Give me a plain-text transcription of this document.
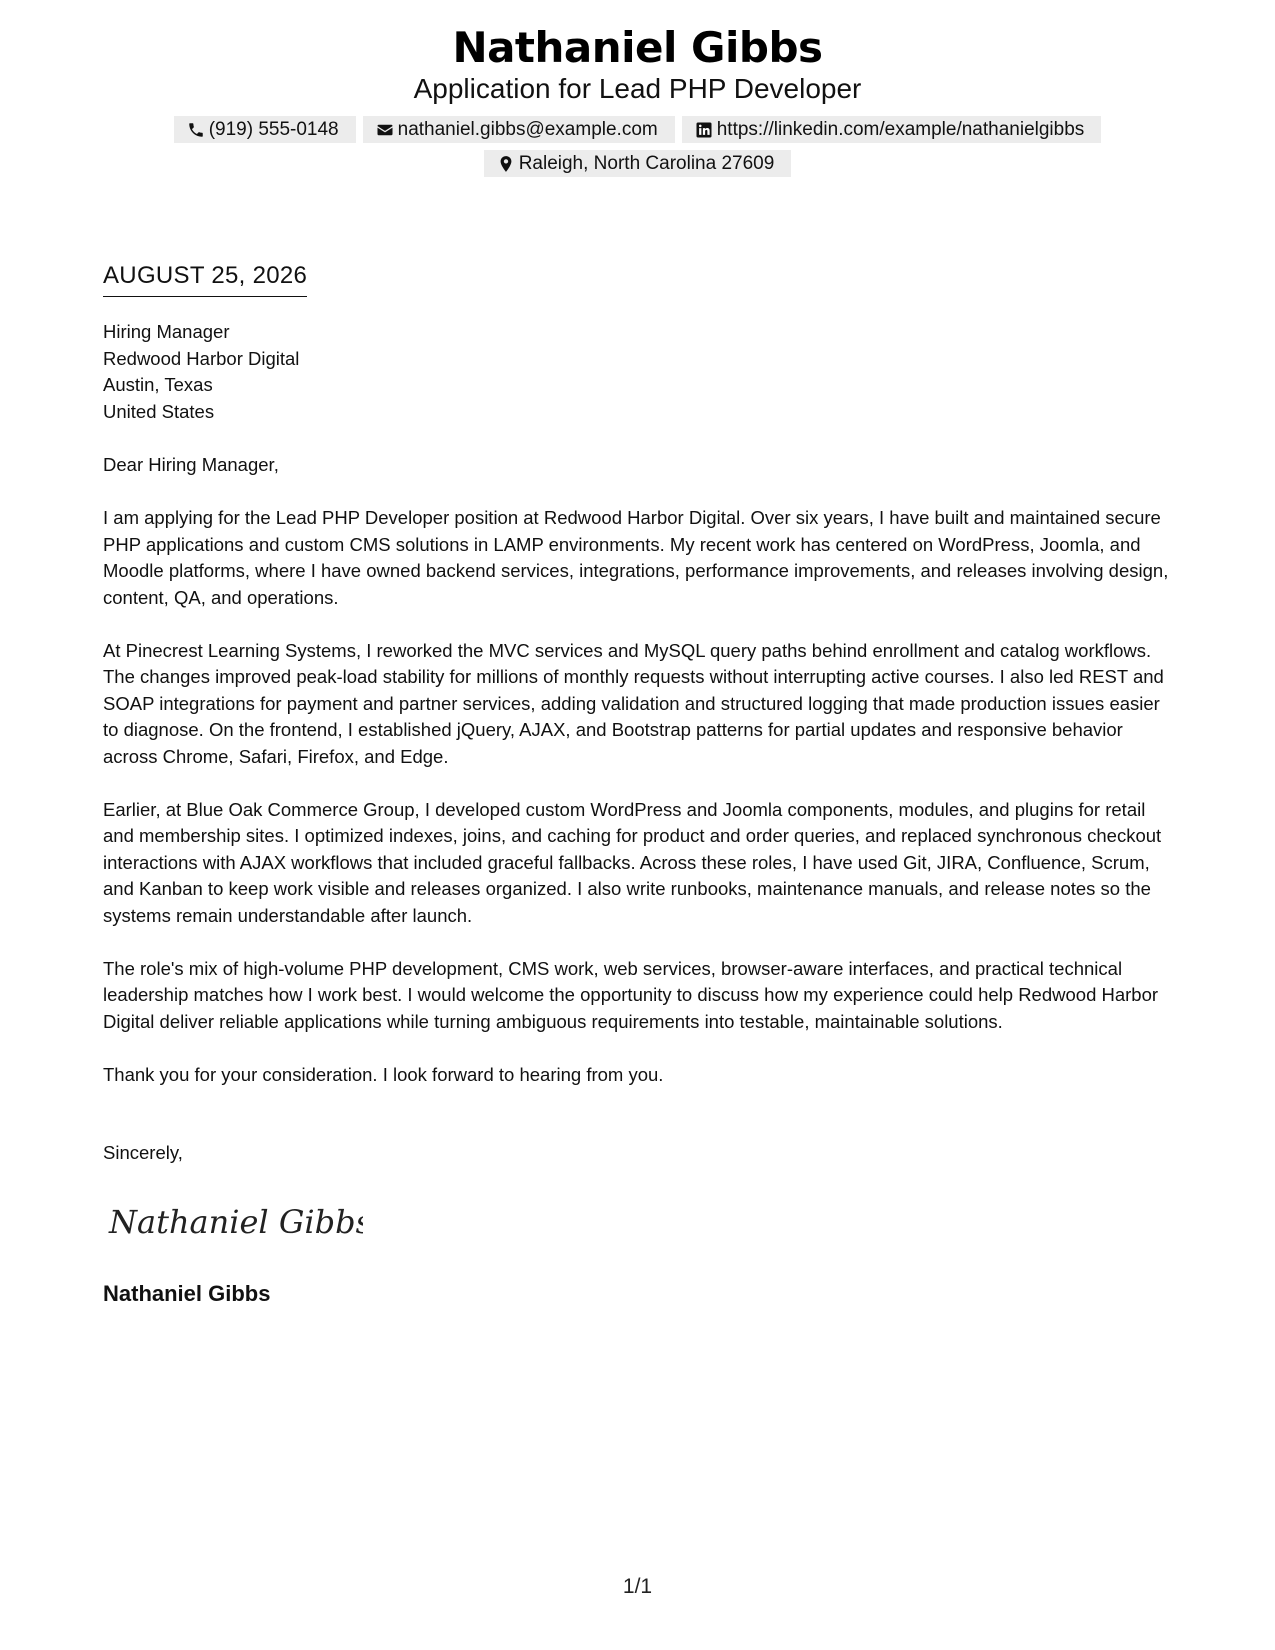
Nathaniel Gibbs
Application for Lead PHP Developer
(919) 555-0148	nathaniel.gibbs@example.com	https://linkedin.com/example/nathanielgibbs
Raleigh, North Carolina 27609
AUGUST 25, 2026
Hiring Manager
Redwood Harbor Digital
Austin, Texas
United States
Dear Hiring Manager,

I am applying for the Lead PHP Developer position at Redwood Harbor Digital. Over six years, I have built and maintained secure PHP applications and custom CMS solutions in LAMP environments. My recent work has centered on WordPress, Joomla, and Moodle platforms, where I have owned backend services, integrations, performance improvements, and releases involving design, content, QA, and operations.

At Pinecrest Learning Systems, I reworked the MVC services and MySQL query paths behind enrollment and catalog workflows. The changes improved peak-load stability for millions of monthly requests without interrupting active courses. I also led REST and SOAP integrations for payment and partner services, adding validation and structured logging that made production issues easier to diagnose. On the frontend, I established jQuery, AJAX, and Bootstrap patterns for partial updates and responsive behavior across Chrome, Safari, Firefox, and Edge.

Earlier, at Blue Oak Commerce Group, I developed custom WordPress and Joomla components, modules, and plugins for retail and membership sites. I optimized indexes, joins, and caching for product and order queries, and replaced synchronous checkout interactions with AJAX workflows that included graceful fallbacks. Across these roles, I have used Git, JIRA, Confluence, Scrum, and Kanban to keep work visible and releases organized. I also write runbooks, maintenance manuals, and release notes so the systems remain understandable after launch.

The role's mix of high-volume PHP development, CMS work, web services, browser-aware interfaces, and practical technical leadership matches how I work best. I would welcome the opportunity to discuss how my experience could help Redwood Harbor Digital deliver reliable applications while turning ambiguous requirements into testable, maintainable solutions.

Thank you for your consideration. I look forward to hearing from you.

Sincerely,
Nathaniel Gibbs
Nathaniel Gibbs
1/1
